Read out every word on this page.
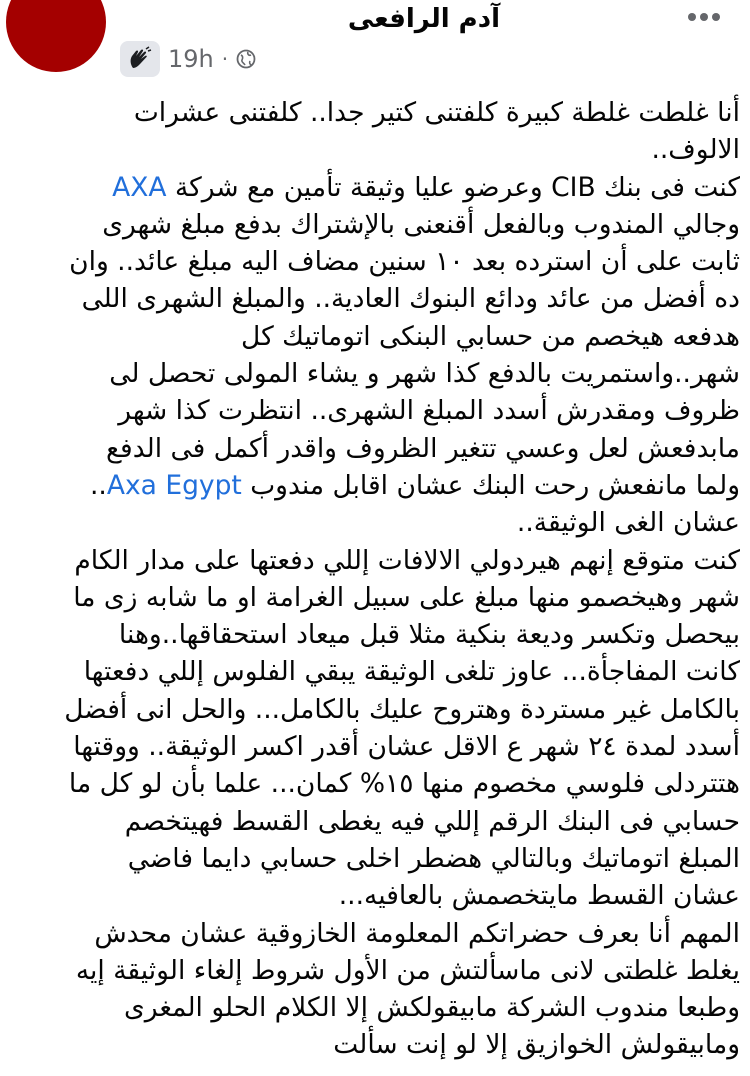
آدم الرافعى
19h ·

أنا غلطت غلطة كبيرة كلفتنى كتير جدا.. كلفتنى عشرات الالوف..

كنت فى بنك CIB وعرضو عليا وثيقة تأمين مع شركة AXA وجالي المندوب وبالفعل أقنعنى بالإشتراك بدفع مبلغ شهرى ثابت على أن استرده بعد ١٠ سنين مضاف اليه مبلغ عائد.. وان ده أفضل من عائد ودائع البنوك العادية.. والمبلغ الشهرى اللى هدفعه هيخصم من حسابي البنكى اتوماتيك كل شهر..واستمريت بالدفع كذا شهر و يشاء المولى تحصل لى ظروف ومقدرش أسدد المبلغ الشهرى.. انتظرت كذا شهر مابدفعش لعل وعسي تتغير الظروف واقدر أكمل فى الدفع ولما مانفعش رحت البنك عشان اقابل مندوب Axa Egypt.. عشان الغى الوثيقة..

كنت متوقع إنهم هيردولي الالافات إللي دفعتها على مدار الكام شهر وهيخصمو منها مبلغ على سبيل الغرامة او ما شابه زى ما بيحصل وتكسر وديعة بنكية مثلا قبل ميعاد استحقاقها..وهنا كانت المفاجأة... عاوز تلغى الوثيقة يبقي الفلوس إللي دفعتها بالكامل غير مستردة وهتروح عليك بالكامل... والحل انى أفضل أسدد لمدة ٢٤ شهر ع الاقل عشان أقدر اكسر الوثيقة.. ووقتها هتتردلى فلوسي مخصوم منها ١٥% كمان... علما بأن لو كل ما حسابي فى البنك الرقم إللي فيه يغطى القسط فهيتخصم المبلغ اتوماتيك وبالتالي هضطر اخلى حسابي دايما فاضي عشان القسط مايتخصمش بالعافيه...

المهم أنا بعرف حضراتكم المعلومة الخازوقية عشان محدش يغلط غلطتى لانى ماسألتش من الأول شروط إلغاء الوثيقة إيه وطبعا مندوب الشركة مابيقولكش إلا الكلام الحلو المغرى ومابيقولش الخوازيق إلا لو إنت سألت
